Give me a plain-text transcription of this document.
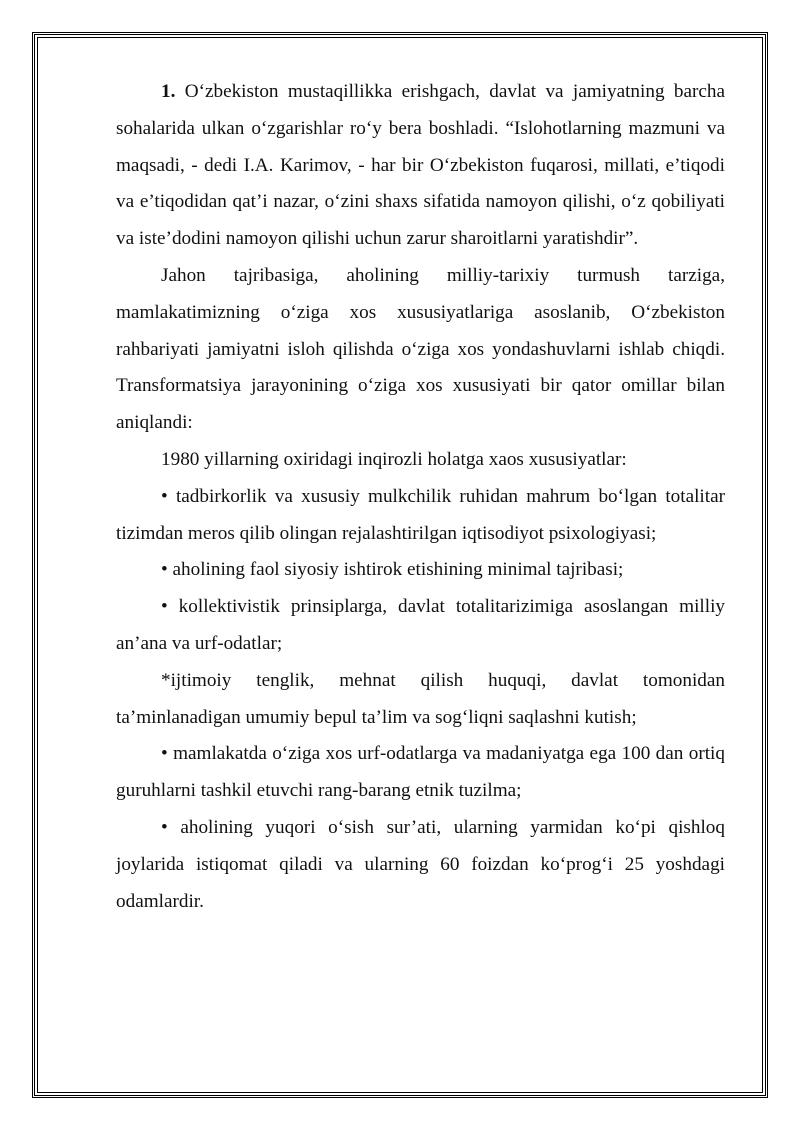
1. O‘zbekiston mustaqillikka erishgach, davlat va jamiyatning barcha sohalarida ulkan o‘zgarishlar ro‘y bera boshladi. “Islohotlarning mazmuni va maqsadi, - dedi I.A. Karimov, - har bir O‘zbekiston fuqarosi, millati, e’tiqodi va e’tiqodidan qat’i nazar, o‘zini shaxs sifatida namoyon qilishi, o‘z qobiliyati va iste’dodini namoyon qilishi uchun zarur sharoitlarni yaratishdir”.

Jahon tajribasiga, aholining milliy-tarixiy turmush tarziga, mamlakatimizning o‘ziga xos xususiyatlariga asoslanib, O‘zbekiston rahbariyati jamiyatni isloh qilishda o‘ziga xos yondashuvlarni ishlab chiqdi. Transformatsiya jarayonining o‘ziga xos xususiyati bir qator omillar bilan aniqlandi:

1980 yillarning oxiridagi inqirozli holatga xaos xususiyatlar:

• tadbirkorlik va xususiy mulkchilik ruhidan mahrum bo‘lgan totalitar tizimdan meros qilib olingan rejalashtirilgan iqtisodiyot psixologiyasi;

• aholining faol siyosiy ishtirok etishining minimal tajribasi;

• kollektivistik prinsiplarga, davlat totalitarizimiga asoslangan milliy an’ana va urf-odatlar;

*ijtimoiy tenglik, mehnat qilish huquqi, davlat tomonidan ta’minlanadigan umumiy bepul ta’lim va sog‘liqni saqlashni kutish;

• mamlakatda o‘ziga xos urf-odatlarga va madaniyatga ega 100 dan ortiq guruhlarni tashkil etuvchi rang-barang etnik tuzilma;

• aholining yuqori o‘sish sur’ati, ularning yarmidan ko‘pi qishloq joylarida istiqomat qiladi va ularning 60 foizdan ko‘prog‘i 25 yoshdagi odamlardir.
